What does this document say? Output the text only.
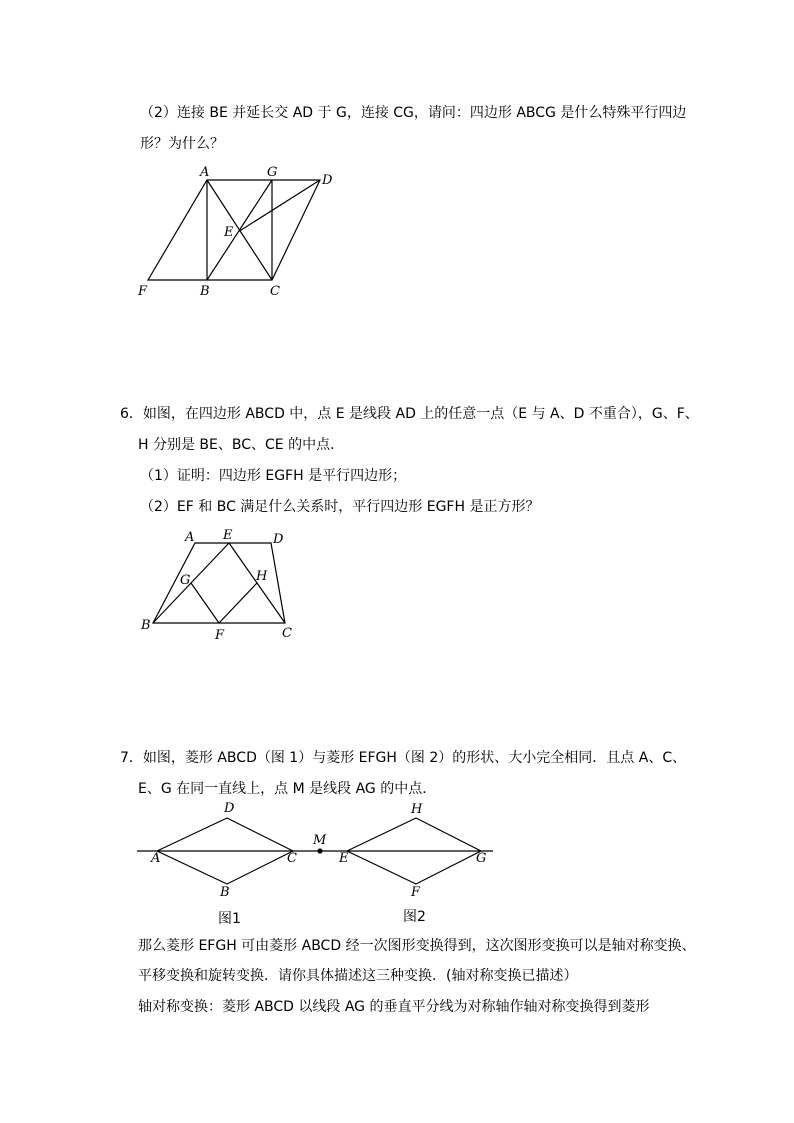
（2）连接 BE 并延长交 AD 于 G，连接 CG，请问：四边形 ABCG 是什么特殊平行四边
形？为什么？
A	G
D
E
F	B	C
6．如图，在四边形 ABCD 中，点 E 是线段 AD 上的任意一点（E 与 A、D 不重合），G、F、
H 分别是 BE、BC、CE 的中点．
（1）证明：四边形 EGFH 是平行四边形；
（2）EF 和 BC 满足什么关系时，平行四边形 EGFH 是正方形？
A E	D
G	H
B
F	C
7．如图，菱形 ABCD（图 1）与菱形 EFGH（图 2）的形状、大小完全相同．且点 A、C、
E、G 在同一直线上，点 M 是线段 AG 的中点．
D
A	C
B
M
H
E	G
F
图1	图2
那么菱形 EFGH 可由菱形 ABCD 经一次图形变换得到，这次图形变换可以是轴对称变换、
平移变换和旋转变换．请你具体描述这三种变换．(轴对称变换已描述）
轴对称变换：菱形 ABCD 以线段 AG 的垂直平分线为对称轴作轴对称变换得到菱形
